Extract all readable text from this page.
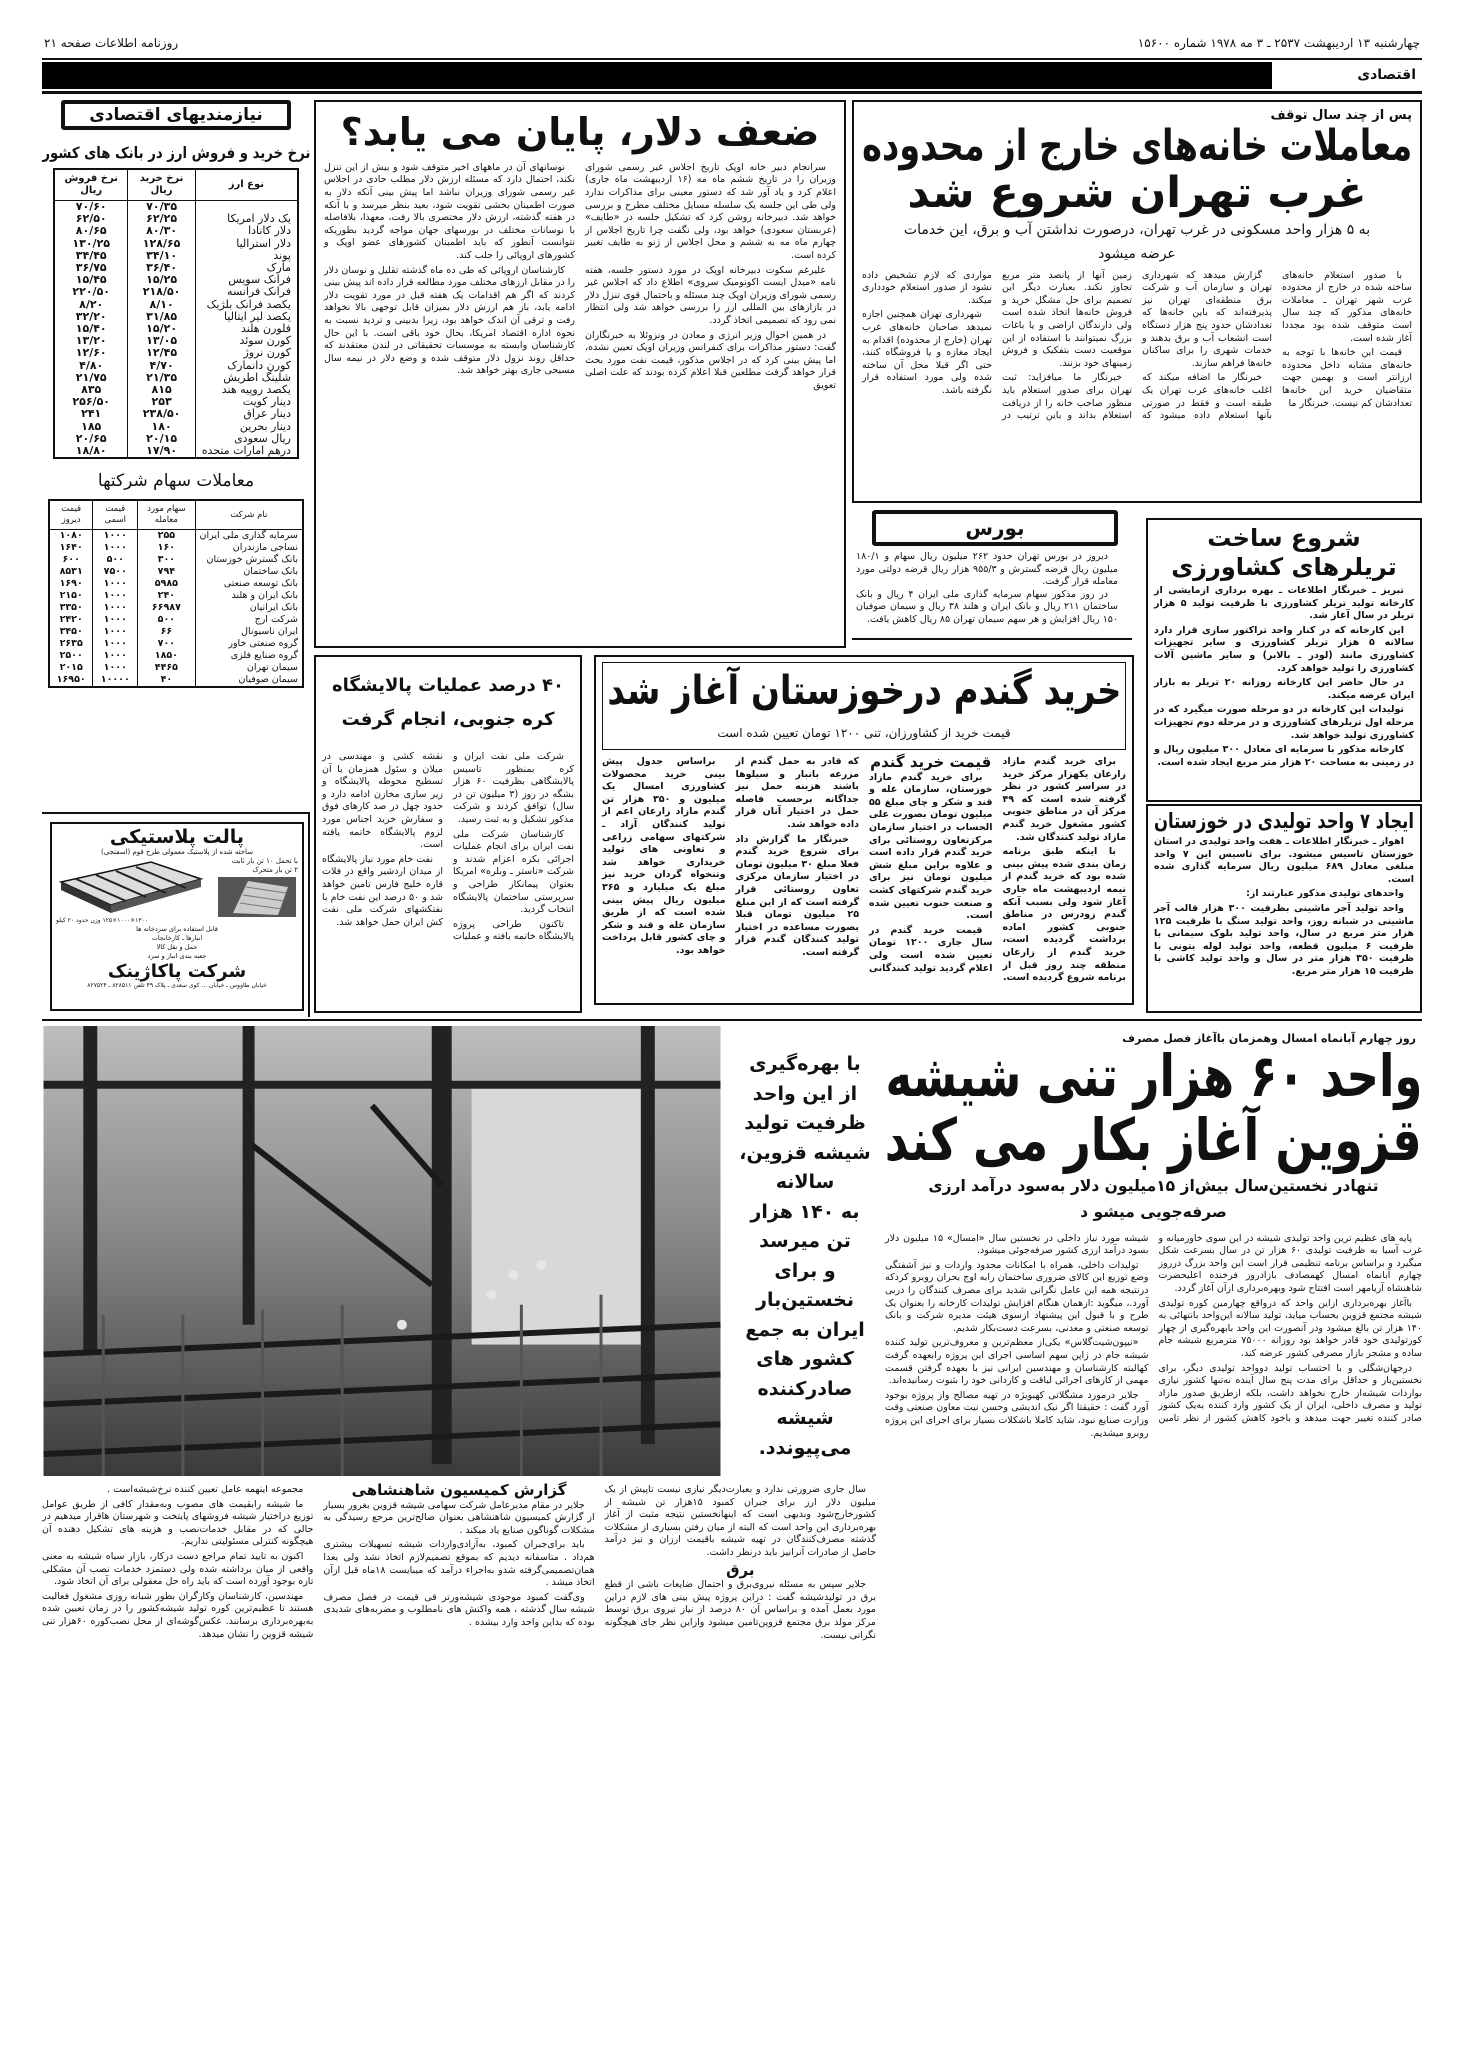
چهارشنبه ۱۳ اردیبهشت ۲۵۳۷ ـ ۳ مه ۱۹۷۸ شماره ۱۵۶۰۰
روزنامه اطلاعات صفحه ۲۱
اقتصادی
نیازمندیهای اقتصادی
نرخ خرید و فروش ارز در بانک های کشور
نوع ارز	نرخ خرید ریال	نرخ فروش ریال
	۷۰/۳۵	۷۰/۶۰
یک دلار امریکا	۶۲/۲۵	۶۲/۵۰
دلار کانادا	۸۰/۳۰	۸۰/۶۵
دلار استرالیا	۱۲۸/۶۵	۱۳۰/۲۵
پوند	۳۴/۱۰	۳۴/۴۵
مارک	۳۶/۴۰	۳۶/۷۵
فرانک سویس	۱۵/۲۵	۱۵/۴۵
فرانک فرانسه	۲۱۸/۵۰	۲۲۰/۵۰
یکصد فرانک بلژیک	۸/۱۰	۸/۲۰
یکصد لیر ایتالیا	۳۱/۸۵	۳۲/۲۰
فلورن هلند	۱۵/۲۰	۱۵/۴۰
کورن سوئد	۱۳/۰۵	۱۳/۲۰
کورن نروژ	۱۲/۴۵	۱۲/۶۰
کورن دانمارک	۴/۷۰	۴/۸۰
شلینگ اطریش	۲۱/۳۵	۲۱/۷۵
یکصد روپیه هند	۸۱۵	۸۳۵
دینار کویت	۲۵۳	۲۵۶/۵۰
دینار عراق	۲۳۸/۵۰	۲۴۱
دینار بحرین	۱۸۰	۱۸۵
ریال سعودی	۲۰/۱۵	۲۰/۶۵
درهم امارات متحده	۱۷/۹۰	۱۸/۸۰
معاملات سهام شرکتها
نام شرکت	سهام مورد معامله	قیمت اسمی	قیمت دیروز
سرمایه گذاری ملی ایران	۲۵۵	۱۰۰۰	۱۰۸۰
نساجی مازندران	۱۶۰	۱۰۰۰	۱۶۴۰
بانک گسترش خوزستان	۳۰۰	۵۰۰	۶۰۰
بانک ساختمان	۷۹۴	۷۵۰۰	۸۵۳۱
بانک توسعه صنعتی	۵۹۸۵	۱۰۰۰	۱۶۹۰
بانک ایران و هلند	۲۴۰	۱۰۰۰	۲۱۵۰
بانک ایرانیان	۶۶۹۸۷	۱۰۰۰	۳۳۵۰
شرکت ارج	۵۰۰	۱۰۰۰	۲۴۲۰
ایران ناسیونال	۶۶	۱۰۰۰	۳۴۵۰
گروه صنعتی خاور	۷۰۰	۱۰۰۰	۲۶۳۵
گروه صنایع فلزی	۱۸۵۰	۱۰۰۰	۲۵۰۰
سیمان تهران	۴۴۶۵	۱۰۰۰	۲۰۱۵
سیمان صوفیان	۴۰	۱۰۰۰۰	۱۶۹۵۰
پالت پلاستیکی
ساخته شده از پلاستیک معمولی طرح فوم (اسفنجی)
با تحمل ۱۰ تن بار ثابت
۲ تن بار متحرک
۱۳۰۰×۱۰۰۰×۱۲۵ وزن حدود ۲۰ کیلو
قابل استفاده برای سردخانه ها
انبارها ـ کارخانجات
حمل و نقل کالا
جعبه بندی انبار و سرد
شرکت پاکاژینک
خیابان طاووس ـ خیابان ... کوی سعدی ـ پلاک ۴۹ تلفن ۸۲۸۵۱۱ ـ ۸۲۷۵۲۴
ضعف دلار، پایان می یابد؟

سرانجام دبیر خانه اوپک تاریخ اجلاس غیر رسمی شورای وزیران را در تاریخ ششم ماه مه (۱۶ اردیبهشت ماه جاری) اعلام کرد و یاد آور شد که دستور معینی برای مذاکرات ندارد ولی طی این جلسه یک سلسله مسایل مختلف مطرح و بررسی خواهد شد. دبیرخانه روشن کرد که تشکیل جلسه در «طایف» (عربستان سعودی) خواهد بود، ولی نگفت چرا تاریخ اجلاس از چهارم ماه مه به ششم و محل اجلاس از ژنو به طایف تغییر کرده است.

علیرغم سکوت دبیرخانه اوپک در مورد دستور جلسه، هفته نامه «میدل ایست اکونومیک سروی» اطلاع داد که اجلاس غیر رسمی شورای وزیران اوپک چند مسئله و باحتمال قوی تنزل دلار در بازارهای بین المللی ارز را بررسی خواهد شد ولی انتظار نمی رود که تصمیمی اتخاذ گردد.

در همین احوال وزیر انرژی و معادن در ونزوئلا به خبرنگاران گفت: دستور مذاکرات برای کنفرانس وزیران اوپک تعیین نشده، اما پیش بینی کرد که در اجلاس مذکور، قیمت نفت مورد بحث قرار خواهد گرفت مطلعین قبلا اعلام کرده بودند که علت اصلی تعویق

نوسانهای آن در ماههای اخیر متوقف شود و بیش از این تنزل نکند، احتمال دارد که مسئله ارزش دلار مطلب حادی در اجلاس غیر رسمی شورای وزیران نباشد اما پیش بینی آنکه دلار به صورت اطمینان بخشی تقویت شود، بعید بنظر میرسد و با آنکه در هفته گذشته، ارزش دلار مختصری بالا رفت، معهذا، بلافاصله با نوسانات مختلف در بورسهای جهان مواجه گردید بطوریکه نتوانست آنطور که باید اطمینان کشورهای عضو اوپک و کشورهای اروپائی را جلب کند.

کارشناسان اروپائی که طی ده ماه گذشته تقلیل و نوسان دلار را در مقابل ارزهای مختلف مورد مطالعه قرار داده اند پیش بینی کردند که اگر هم اقدامات یک هفته قبل در مورد تقویت دلار ادامه یابد، باز هم ارزش دلار بمیزان قابل توجهی بالا نخواهد رفت و ترقی آن اندک خواهد بود، زیرا بدبینی و تردید نسبت به نحوه اداره اقتصاد امریکا، بحال خود باقی است. با این حال کارشناسان وابسته به موسسات تحقیقاتی در لندن معتقدند که حداقل روند نزول دلار متوقف شده و وضع دلار در نیمه سال مسیحی جاری بهتر خواهد شد.

پس از چند سال توقف
معاملات خانه‌های خارج از محدوده
غرب تهران شروع شد
به ۵ هزار واحد مسکونی در غرب تهران، درصورت نداشتن آب و برق، این خدمات عرضه میشود

با صدور استعلام خانه‌های ساخته شده در خارج از محدوده غرب شهر تهران ـ معاملات خانه‌های مذکور که چند سال است متوقف شده بود مجددا آغاز شده است.

قیمت این خانه‌ها با توجه به خانه‌های مشابه داخل محدوده ارزانتر است و بهمین جهت متقاضیان خرید این خانه‌ها تعدادشان کم نیست. خبرنگار ما

گزارش میدهد که شهرداری تهران و سازمان آب و شرکت برق منطقه‌ای تهران نیز پذیرفته‌اند که باین خانه‌ها که تعدادشان حدود پنج هزار دستگاه است انشعاب آب و برق بدهند و خدمات شهری را برای ساکنان خانه‌ها فراهم سازند.

خبرنگار ما اضافه میکند که اغلب خانه‌های غرب تهران یک طبقه است و فقط در صورتی بآنها استعلام داده میشود که زمین آنها از پانصد متر مربع تجاوز نکند. بعبارت دیگر این تصمیم برای حل مشگل خرید و فروش خانه‌ها اتخاذ شده است ولی دارندگان اراضی و یا باغات بزرگ نمیتوانند با استفاده از این موقعیت دست بتفکیک و فروش زمینهای خود بزنند.

خبرنگار ما میافزاید: ثبت تهران برای صدور استعلام باید منظور صاحب خانه را از دریافت استعلام بداند و باین ترتیب در مواردی که لازم تشخیص داده نشود از صدور استعلام خودداری میکند.

شهرداری تهران همچنین اجازه نمیدهد صاحبان خانه‌های غرب تهران (خارج از محدوده) اقدام به ایجاد مغازه و یا فروشگاه کنند، حتی اگر قبلا محل آن ساخته شده ولی مورد استفاده قرار نگرفته باشد.

بورس

دیروز در بورس تهران حدود ۲۶۲ میلیون ریال سهام و ۱۸۰/۱ میلیون ریال قرضه گسترش و ۹۵۵/۳ هزار ریال قرضه دولتی مورد معامله قرار گرفت.

در روز مذکور سهام سرمایه گذاری ملی ایران ۴ ریال و بانک ساختمان ۲۱۱ ریال و بانک ایران و هلند ۳۸ ریال و سیمان صوفیان ۱۵۰ ریال افزایش و هر سهم سیمان تهران ۸۵ ریال کاهش یافت.

شروع ساخت تریلرهای کشاورزی

تبریز ـ خبرنگار اطلاعات ـ بهره برداری ازمایشی از کارخانه تولید تریلر کشاورزی با ظرفیت تولید ۵ هزار تریلر در سال آغاز شد.

این کارخانه که در کنار واحد تراکتور سازی قرار دارد سالانه ۵ هزار تریلر کشاورزی و سایر تجهیزات کشاورزی مانند (لودر ـ بالابر) و سایر ماشین آلات کشاورزی را تولید خواهد کرد.

در حال حاضر این کارخانه روزانه ۲۰ تریلر به بازار ایران عرضه میکند.

تولیدات این کارخانه در دو مرحله صورت میگیرد که در مرحله اول تریلرهای کشاورزی و در مرحله دوم تجهیزات کشاورزی تولید خواهد شد.

کارخانه مذکور با سرمایه ای معادل ۳۰۰ میلیون ریال و در زمینی به مساحت ۲۰ هزار متر مربع ایجاد شده است.

۴۰ درصد عملیات پالایشگاه کره جنوبی، انجام گرفت

شرکت ملی نفت ایران و کره بمنظور تاسیس پالایشگاهی بظرفیت ۶۰ هزار بشگه در روز (۳ میلیون تن در سال) توافق کردند و شرکت مذکور تشکیل و به ثبت رسید.

کارشناسان شرکت ملی نفت ایران برای انجام عملیات اجرائی بکره اعزام شدند و شرکت «ناستر ـ وبلره» امریکا بعنوان پیمانکار طراحی و سرپرستی ساختمان پالایشگاه انتخاب گردید.

تاکنون طراحی پروژه پالایشگاه خاتمه یافته و عملیات نقشه کشی و مهندسی در میلان و سئول همزمان با آن تسطیح محوطه پالایشگاه و زیر سازی مخازن ادامه دارد و حدود چهل در صد کارهای فوق و سفارش خرید اجناس مورد لزوم پالایشگاه خاتمه یافته است.

نفت خام مورد نیاز پالایشگاه از میدان اردشیر واقع در فلات قاره خلیج فارس تامین خواهد شد و ۵۰ درصد این نفت خام با نفتکشهای شرکت ملی نفت کش ایران حمل خواهد شد.

خرید گندم درخوزستان آغاز شد
قیمت خرید از کشاورزان، تنی ۱۲۰۰ تومان تعیین شده است

برای خرید گندم مازاد زارعان یکهزار مرکز خرید در سراسر کشور در نظر گرفته شده است که ۴۹ مرکز آن در مناطق جنوبی کشور مشغول خرید گندم مازاد تولید کنندگان شد.

با اینکه طبق برنامه زمان بندی شده پیش بینی شده بود که خرید گندم از نیمه اردیبهشت ماه جاری آغاز شود ولی بسبب آنکه گندم زودرس در مناطق جنوبی کشور اماده برداشت گردیده است، خرید گندم از زارعان منطقه چند روز قبل از برنامه شروع گردیده است.

قیمت خرید گندم

برای خرید گندم مازاد خوزستان، سازمان غله و قند و شکر و چای مبلغ ۵۵ میلیون تومان بصورت علی الحساب در اختیار سازمان مرکزتعاون روستائی برای خرید گندم قرار داده است و علاوه براین مبلغ شش میلیون تومان نیز برای خرید گندم شرکتهای کشت و صنعت جنوب تعیین شده است.

قیمت خرید گندم در سال جاری ۱۲۰۰ تومان تعیین شده است ولی اعلام گردید تولید کنندگانی که قادر به حمل گندم از مزرعه بانبار و سیلوها باشند هزینه حمل نیز جداگانه برحسب فاصله حمل در اختیار آنان قرار داده خواهد شد.

خبرنگار ما گزارش داد برای شروع خرید گندم فعلا مبلغ ۳۰ میلیون تومان در اختیار سازمان مرکزی تعاون روستائی قرار گرفته است که از این مبلغ ۲۵ میلیون تومان قبلا بصورت مساعده در اختیار تولید کنندگان گندم قرار گرفته است.

براساس جدول پیش بینی خرید محصولات کشاورزی امسال یک میلیون و ۳۵۰ هزار تن گندم مازاد زارعان اعم از تولید کنندگان آزاد ـ شرکتهای سهامی زراعی و تعاونی های تولید خریداری خواهد شد وتنخواه گردان خرید نیز مبلغ یک میلیارد و ۳۶۵ میلیون ریال پیش بینی شده است که از طریق سازمان غله و قند و شکر و چای کشور قابل پرداخت خواهد بود.

ایجاد ۷ واحد تولیدی در خوزستان

اهواز ـ خبرنگار اطلاعات ـ هفت واحد تولیدی در استان خوزستان تاسیس میشود. برای تاسیس این ۷ واحد مبلغی معادل ۶۸۹ میلیون ریال سرمایه گذاری شده است.

واحدهای تولیدی مذکور عبارتند از:

واحد تولید آجر ماشینی بظرفیت ۳۰۰ هزار قالب آجر ماشینی در شبانه روز، واحد تولید سنگ با ظرفیت ۱۲۵ هزار متر مربع در سال، واحد تولید بلوک سیمانی با ظرفیت ۶ میلیون قطعه، واحد تولید لوله بتونی با ظرفیت ۳۵۰ هزار متر در سال و واحد تولید کاشی با ظرفیت ۱۵ هزار متر مربع.

با بهره‌گیری
از این واحد
ظرفیت تولید
شیشه قزوین،
سالانه
به ۱۴۰ هزار
تن میرسد
و برای
نخستین‌بار
ایران به جمع
کشور های
صادرکننده
شیشه
می‌پیوندد.
روز چهارم آبانماه امسال وهمزمان باآغاز فصل مصرف
واحد ۶۰ هزار تنی شیشه
قزوین آغاز بکار می کند
تنهادر نخستین‌سال بیش‌از ۱۵میلیون دلار به‌سود درآمد ارزی صرفه‌جویی میشو د

پایه های عظیم ترین واحد تولیدی شیشه در این سوی خاورمیانه و غرب آسیا به ظرفیت تولیدی ۶۰ هزار تن در سال بسرعت شکل میگیرد و براساس برنامه تنظیمی قرار است این واحد بزرگ درروز چهارم آبانماه امسال کهمصادف باز‌ادروز فرخنده اعلیحضرت شاهنشاه آریامهر است افتتاح شود وبهره‌برداری ازآن آغاز گردد.

باآغاز بهره‌برداری ازاین واحد که درواقع چهارمین کوره تولیدی شیشه مجتمع قزوین بحساب میاید، تولید سالانه این‌واحد بانتهائی به ۱۴۰ هزار تن بالغ میشود ودر آنصورت این واحد بابهره‌گیری از چهار کورتولیدی خود قادر خواهد بود روزانه ۷۵۰۰۰ مترمربع شیشه جام ساده و مشجر بازار مصرفی کشور عرضه کند.

درجهان‌شگلی و با احتساب تولید دوواحد تولیدی دیگر، برای نخستین‌بار و حداقل برای مدت پنج سال آینده نه‌تنها کشور نیازی بواردات شیشه‌از خارج نخواهد داشت، بلکه ازطریق صدور مازاد تولید و مصرف داخلی، ایران از یک کشور وارد کننده به‌یک کشور صادر کننده تغییر جهت میدهد و باخود کاهش کشور از نظر تامین شیشه مورد نیاز داخلی در نخستین سال «امسال» ۱۵ میلیون دلار بسود درآمد ارزی کشور صرفه‌جوئی میشود.

تولیدات داخلی، همراه با امکانات محدود واردات و نیز آشفتگی وضع توزیع این کالای ضروری ساختمان رابه اوج بحران روبرو کردکه درنتیجه همه این عامل نگرانی شدید برای مصرف کنندگان را دربی آورد.، میگوید :ازهمان هنگام افزایش تولیدات کارخانه را بعنوان یک طرح و با قبول این پیشنهاد ازسوی هیئت مدیره شرکت و بانک توسعه صنعتی و معدنی، بسرعت دست‌بکار شدیم.

«نیپون‌شیت‌گلاس» یکی‌از معظم‌ترین و معروف‌ترین تولید کننده شیشه جام در ژاپن سهم اساسی اجرای این پروژه رابعهده گرفت کهالبته کارشناسان و مهندسین ایرانی نیز با بعهده گرفتن قسمت مهمی از کارهای اجرائی لیاقت و کاردانی خود را بثبوت رسانیده‌اند.

جلایر درمورد مشگلاتی کهبویژه در تهیه مصالح واز پروژه بوجود آورد گفت : حقیقتا اگر نیک اندیشی وحسن نیت معاون صنعتی وقت وزارت صنایع نبود، شاید کاملا باشکلات بسیار برای اجرای این پروژه روبرو میشدیم.

سال جاری ضرورتی ندارد و بعبارت‌دیگر نیازی نیست تاپیش از یک میلیون دلار ارز برای جبران کمبود ۱۵هزار تن شیشه از کشورخارج‌شود وبدیهی است که اینها‌نخستین نتیجه مثبت از آغاز بهره‌برداری این واحد است که البته از میان رفتن بسیاری از مشکلات گذشته مصرف‌کنندگان در تهیه شیشه باقیمت ارزان و نیز درآمد حاصل از صادرات آنرانیز باید درنظر داشت.

برق

جلایر سپس به مسئله نیروی‌برق و احتمال ضایعات ناشی از قطع برق در تولیدشیشه گفت : دراین پروژه پیش بینی های لازم دراین مورد بعمل آمده و براساس آن ۸۰ درصد از نیاز نیروی برق توسط مرکز مولد برق مجتمع قزوین‌تامین میشود وازاین نظر جای هیچگونه نگرانی نیست.

گزارش کمیسیون شاهنشاهی

جلایر در مقام مدیرعامل شرکت سهامی شیشه قزوین بغرور بسیار از گزارش کمیسیون شاهنشاهی بعنوان صالح‌ترین مرجع رسیدگی به مشکلات گوناگون صنایع یاد میکند .

باید برای‌جبران کمبود، به‌آزادی‌واردات شیشه تسهیلات بیشتری هم‌داد . متاسفانه دیدیم که بموقع تصمیم‌لازم اتخاذ نشد ولی بعدا همان‌تصمیمی‌گرفته شدو به‌اجراء درآمد که میبایست ۱۸ماه قبل ازآن اتخاذ میشد .

وی‌گفت کمبود موجودی شیشه‌ورتر قی قیمت در فصل مصرف شیشه سال گذشته ، همه واکنش های نامطلوب و مضربه‌های شدیدی بوده که بداین واحد وارد بیشده .

مجموعه اینهمه عامل تعیین کننده نرخ‌شیشه‌است .

ما شیشه رابقیمت های مصوب وبه‌مقدار کافی از طریق عوامل توزیع دراختیار شیشه فروشهای پایتخت و شهرستان هاقرار میدهیم در حالی که در مقابل خدمات‌نصب و هزینه های تشکیل دهنده آن هیچگونه کنترلی مسئولیتی نداریم.

اکنون به تایید تمام مراجع دست درکار، بازار سیاه شیشه به معنی واقعی از میان برداشته شده ولی دستمزد خدمات نصب آن مشکلی تازه بوجود آورده است که باید راه حل معقولی برای آن اتخاذ شود.

مهندسین، کارشناسان وکارگران بطور شبانه روزی مشغول فعالیت هستند تا عظیم‌ترین کوره تولید شیشه‌کشور را در زمان تعیین شده به‌بهره‌برداری برسانند. عکس‌گوشه‌ای از محل نصب‌کوره ۶۰هزار تنی شیشه قزوین را نشان میدهد.
